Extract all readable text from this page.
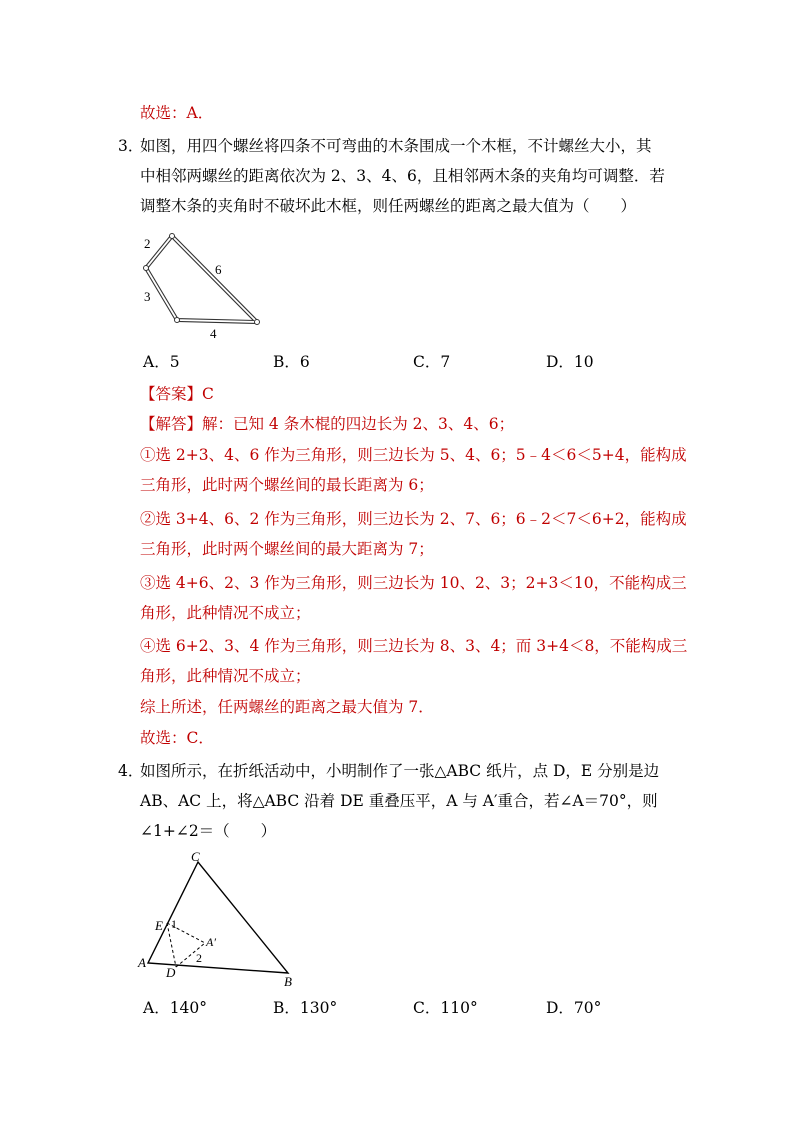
故选：A．
3．
如图，用四个螺丝将四条不可弯曲的木条围成一个木框，不计螺丝大小，其
中相邻两螺丝的距离依次为 2、3、4、6，且相邻两木条的夹角均可调整．若
调整木条的夹角时不破坏此木框，则任两螺丝的距离之最大值为（　　）
2
6
3
4
A．5	B．6	C．7	D．10
【答案】C
【解答】解：已知 4 条木棍的四边长为 2、3、4、6；
①选 2+3、4、6 作为三角形，则三边长为 5、4、6；5﹣4＜6＜5+4，能构成
三角形，此时两个螺丝间的最长距离为 6；
②选 3+4、6、2 作为三角形，则三边长为 2、7、6；6﹣2＜7＜6+2，能构成
三角形，此时两个螺丝间的最大距离为 7；
③选 4+6、2、3 作为三角形，则三边长为 10、2、3；2+3＜10，不能构成三
角形，此种情况不成立；
④选 6+2、3、4 作为三角形，则三边长为 8、3、4；而 3+4＜8，不能构成三
角形，此种情况不成立；
综上所述，任两螺丝的距离之最大值为 7．
故选：C．
4．
如图所示，在折纸活动中，小明制作了一张△ABC 纸片，点 D，E 分别是边
AB、AC 上，将△ABC 沿着 DE 重叠压平，A 与 A′重合，若∠A＝70°，则
∠1+∠2＝（　　）
C
E 1
A′
2
A
D
B
A．140°	B．130°	C．110°	D．70°
